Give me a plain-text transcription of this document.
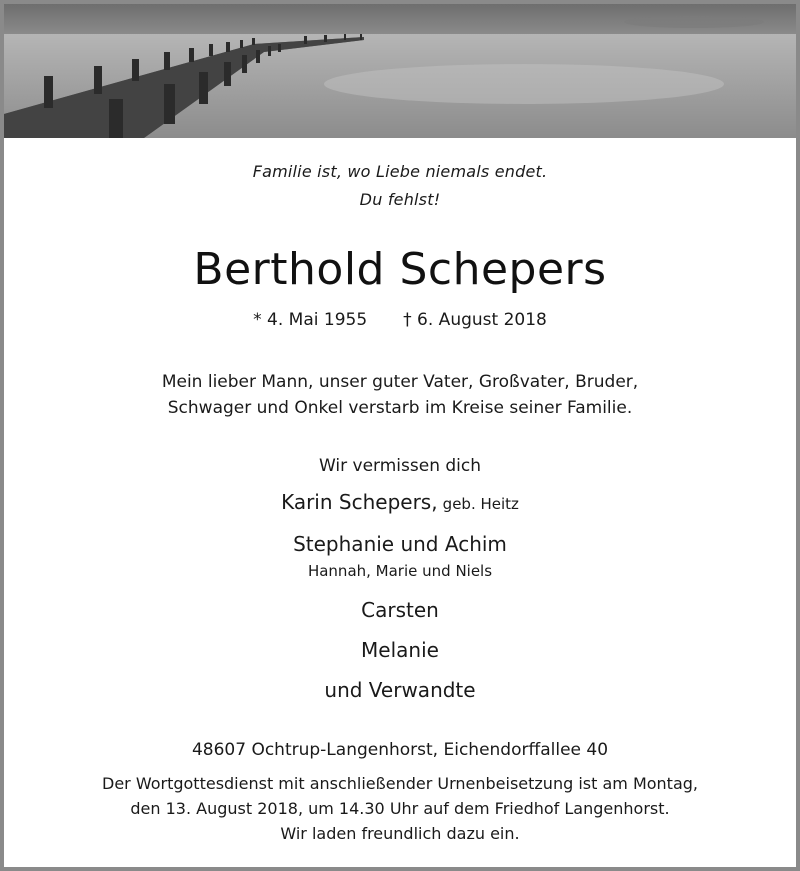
Familie ist, wo Liebe niemals endet.
Du fehlst!
Berthold Schepers
* 4. Mai 1955 † 6. August 2018
Mein lieber Mann, unser guter Vater, Großvater, Bruder,
Schwager und Onkel verstarb im Kreise seiner Familie.
Wir vermissen dich
Karin Schepers, geb. Heitz
Stephanie und Achim
Hannah, Marie und Niels
Carsten
Melanie
und Verwandte
48607 Ochtrup-Langenhorst, Eichendorffallee 40
Der Wortgottesdienst mit anschließender Urnenbeisetzung ist am Montag,
den 13. August 2018, um 14.30 Uhr auf dem Friedhof Langenhorst.
Wir laden freundlich dazu ein.
